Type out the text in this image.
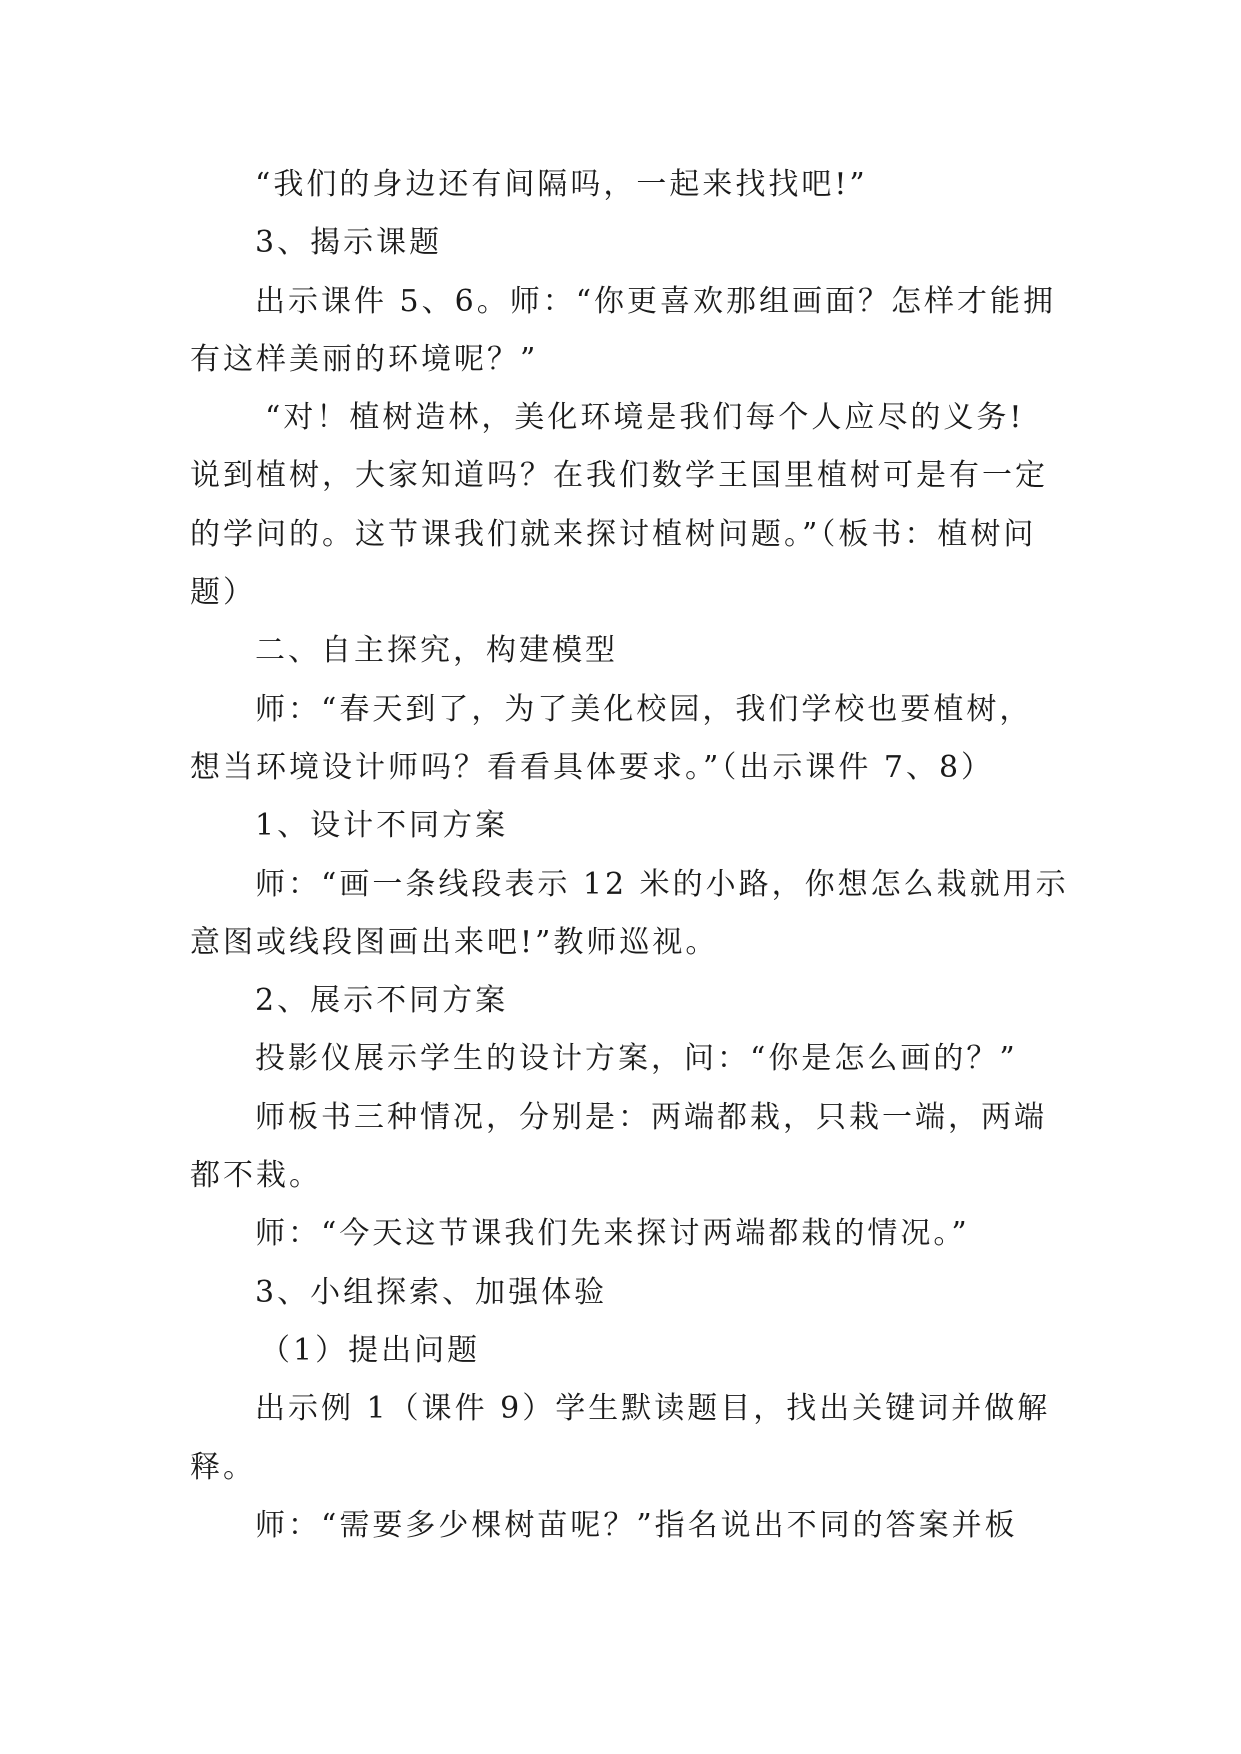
“我们的身边还有间隔吗，一起来找找吧!”
3、揭示课题
出示课件 5、6。师：“你更喜欢那组画面？怎样才能拥
有这样美丽的环境呢？”
“对！植树造林，美化环境是我们每个人应尽的义务!
说到植树，大家知道吗？在我们数学王国里植树可是有一定
的学问的。这节课我们就来探讨植树问题。”（板书：植树问
题）
二、自主探究，构建模型
师：“春天到了，为了美化校园，我们学校也要植树，
想当环境设计师吗？看看具体要求。”（出示课件 7、8）
1、设计不同方案
师：“画一条线段表示 12 米的小路，你想怎么栽就用示
意图或线段图画出来吧!”教师巡视。
2、展示不同方案
投影仪展示学生的设计方案，问：“你是怎么画的？”
师板书三种情况，分别是：两端都栽，只栽一端，两端
都不栽。
师：“今天这节课我们先来探讨两端都栽的情况。”
3、小组探索、加强体验
（1）提出问题
出示例 1（课件 9）学生默读题目，找出关键词并做解
释。
师：“需要多少棵树苗呢？”指名说出不同的答案并板
